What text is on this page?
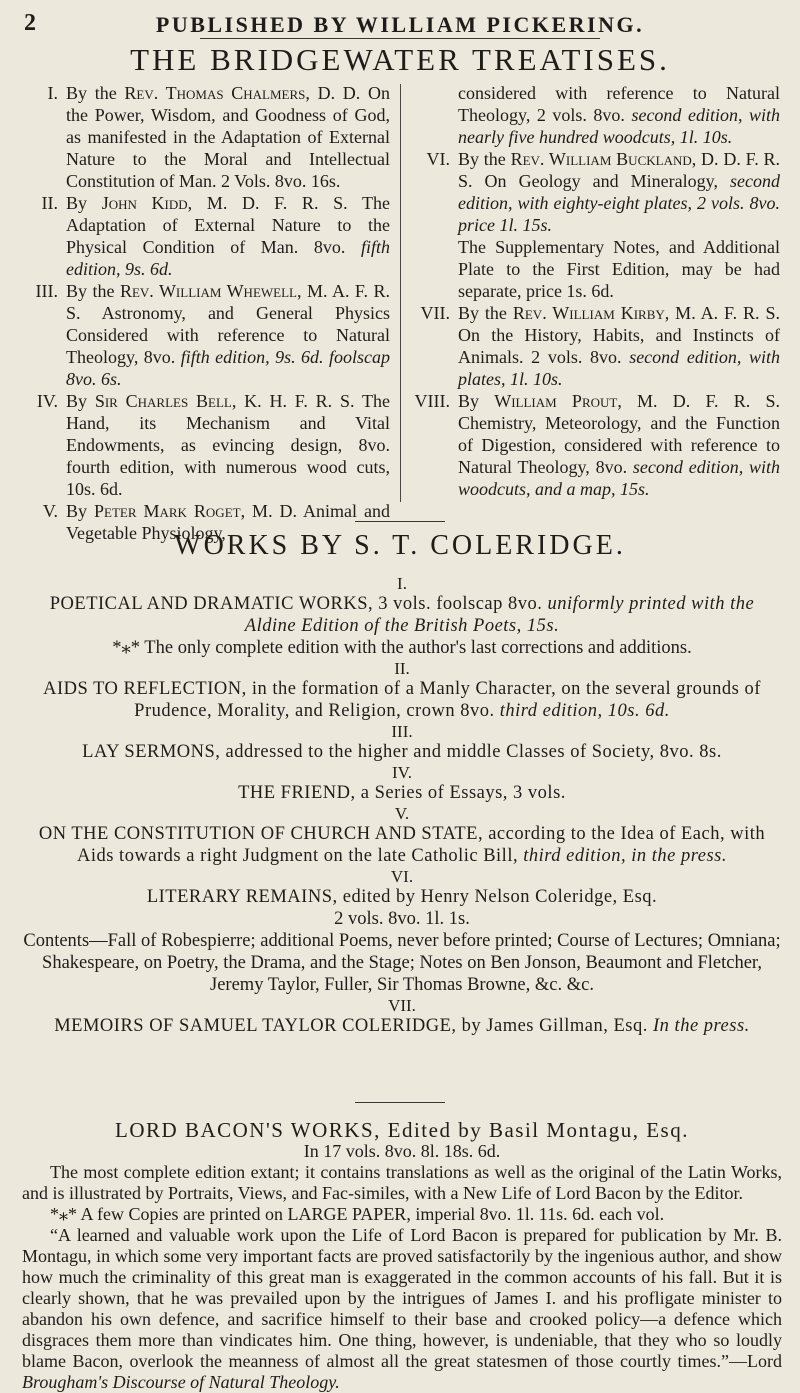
2	PUBLISHED BY WILLIAM PICKERING.
THE BRIDGEWATER TREATISES.
I. By the Rev. Thomas Chalmers, D. D. On the Power, Wisdom, and Goodness of God, as manifested in the Adaptation of External Nature to the Moral and Intellectual Constitution of Man. 2 Vols. 8vo. 16s.
II. By John Kidd, M. D. F. R. S. The Adaptation of External Nature to the Physical Condition of Man. 8vo. fifth edition, 9s. 6d.
III. By the Rev. William Whewell, M. A. F. R. S. Astronomy, and General Physics Considered with reference to Natural Theology, 8vo. fifth edition, 9s. 6d. foolscap 8vo. 6s.
IV. By Sir Charles Bell, K. H. F. R. S. The Hand, its Mechanism and Vital Endowments, as evincing design, 8vo. fourth edition, with numerous wood cuts, 10s. 6d.
V. By Peter Mark Roget, M. D. Animal and Vegetable Physiology,
considered with reference to Natural Theology, 2 vols. 8vo. second edition, with nearly five hundred woodcuts, 1l. 10s.
VI. By the Rev. William Buckland, D. D. F. R. S. On Geology and Mineralogy, second edition, with eighty-eight plates, 2 vols. 8vo. price 1l. 15s.
The Supplementary Notes, and Additional Plate to the First Edition, may be had separate, price 1s. 6d.
VII. By the Rev. William Kirby, M. A. F. R. S. On the History, Habits, and Instincts of Animals. 2 vols. 8vo. second edition, with plates, 1l. 10s.
VIII. By William Prout, M. D. F. R. S. Chemistry, Meteorology, and the Function of Digestion, considered with reference to Natural Theology, 8vo. second edition, with woodcuts, and a map, 15s.
WORKS BY S. T. COLERIDGE.
I.
POETICAL AND DRAMATIC WORKS, 3 vols. foolscap 8vo. uniformly printed with the Aldine Edition of the British Poets, 15s.
*⁎* The only complete edition with the author's last corrections and additions.
II.
AIDS TO REFLECTION, in the formation of a Manly Character, on the several grounds of Prudence, Morality, and Religion, crown 8vo. third edition, 10s. 6d.
III.
LAY SERMONS, addressed to the higher and middle Classes of Society, 8vo. 8s.
IV.
THE FRIEND, a Series of Essays, 3 vols.
V.
ON THE CONSTITUTION OF CHURCH AND STATE, according to the Idea of Each, with Aids towards a right Judgment on the late Catholic Bill, third edition, in the press.
VI.
LITERARY REMAINS, edited by Henry Nelson Coleridge, Esq.
2 vols. 8vo. 1l. 1s.
Contents—Fall of Robespierre; additional Poems, never before printed; Course of Lectures; Omniana; Shakespeare, on Poetry, the Drama, and the Stage; Notes on Ben Jonson, Beaumont and Fletcher, Jeremy Taylor, Fuller, Sir Thomas Browne, &c. &c.
VII.
MEMOIRS OF SAMUEL TAYLOR COLERIDGE, by James Gillman, Esq. In the press.
LORD BACON'S WORKS, Edited by Basil Montagu, Esq.
In 17 vols. 8vo. 8l. 18s. 6d.

The most complete edition extant; it contains translations as well as the original of the Latin Works, and is illustrated by Portraits, Views, and Fac-similes, with a New Life of Lord Bacon by the Editor.

*⁎* A few Copies are printed on LARGE PAPER, imperial 8vo. 1l. 11s. 6d. each vol.

“A learned and valuable work upon the Life of Lord Bacon is prepared for publication by Mr. B. Montagu, in which some very important facts are proved satisfactorily by the ingenious author, and show how much the criminality of this great man is exaggerated in the common accounts of his fall. But it is clearly shown, that he was prevailed upon by the intrigues of James I. and his profligate minister to abandon his own defence, and sacrifice himself to their base and crooked policy—a defence which disgraces them more than vindicates him. One thing, however, is undeniable, that they who so loudly blame Bacon, overlook the meanness of almost all the great statesmen of those courtly times.”—Lord Brougham's Discourse of Natural Theology.
